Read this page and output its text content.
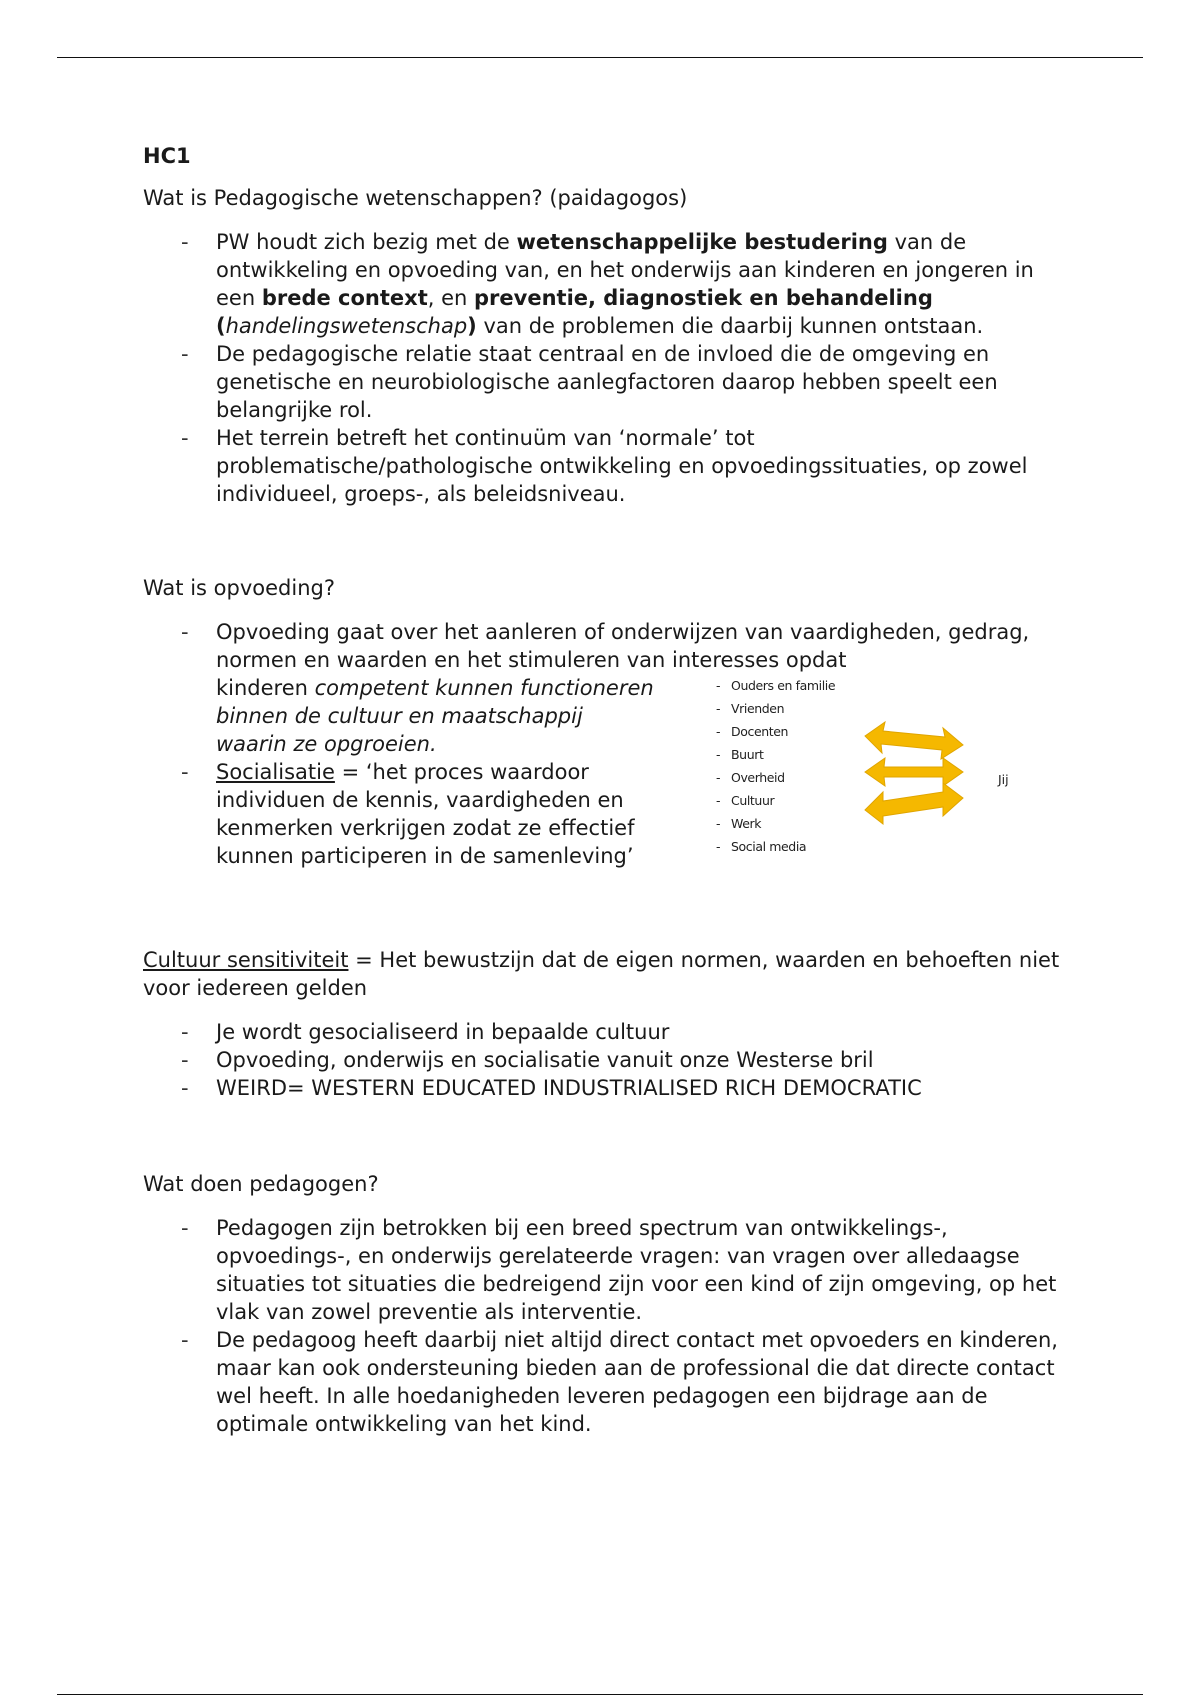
HC1

Wat is Pedagogische wetenschappen? (paidagogos)

- PW houdt zich bezig met de wetenschappelijke bestudering van de ontwikkeling en opvoeding van, en het onderwijs aan kinderen en jongeren in een brede context, en preventie, diagnostiek en behandeling (handelingswetenschap) van de problemen die daarbij kunnen ontstaan.
- De pedagogische relatie staat centraal en de invloed die de omgeving en genetische en neurobiologische aanlegfactoren daarop hebben speelt een belangrijke rol.
- Het terrein betreft het continuüm van ‘normale’ tot problematische/pathologische ontwikkeling en opvoedingssituaties, op zowel individueel, groeps-, als beleidsniveau.

Wat is opvoeding?

- Opvoeding gaat over het aanleren of onderwijzen van vaardigheden, gedrag, normen en waarden en het stimuleren van interesses opdat
kinderen competent kunnen functioneren binnen de cultuur en maatschappij waarin ze opgroeien.
- Ouders en familie
- Vrienden
- Docenten
- Buurt
- Overheid
- Cultuur
- Werk
- Social media
Jij
- Socialisatie = ‘het proces waardoor individuen de kennis, vaardigheden en kenmerken verkrijgen zodat ze effectief kunnen participeren in de samenleving’

Cultuur sensitiviteit = Het bewustzijn dat de eigen normen, waarden en behoeften niet voor iedereen gelden

- Je wordt gesocialiseerd in bepaalde cultuur
- Opvoeding, onderwijs en socialisatie vanuit onze Westerse bril
- WEIRD= WESTERN EDUCATED INDUSTRIALISED RICH DEMOCRATIC

Wat doen pedagogen?

- Pedagogen zijn betrokken bij een breed spectrum van ontwikkelings-, opvoedings-, en onderwijs gerelateerde vragen: van vragen over alledaagse situaties tot situaties die bedreigend zijn voor een kind of zijn omgeving, op het vlak van zowel preventie als interventie.
- De pedagoog heeft daarbij niet altijd direct contact met opvoeders en kinderen, maar kan ook ondersteuning bieden aan de professional die dat directe contact wel heeft. In alle hoedanigheden leveren pedagogen een bijdrage aan de optimale ontwikkeling van het kind.
